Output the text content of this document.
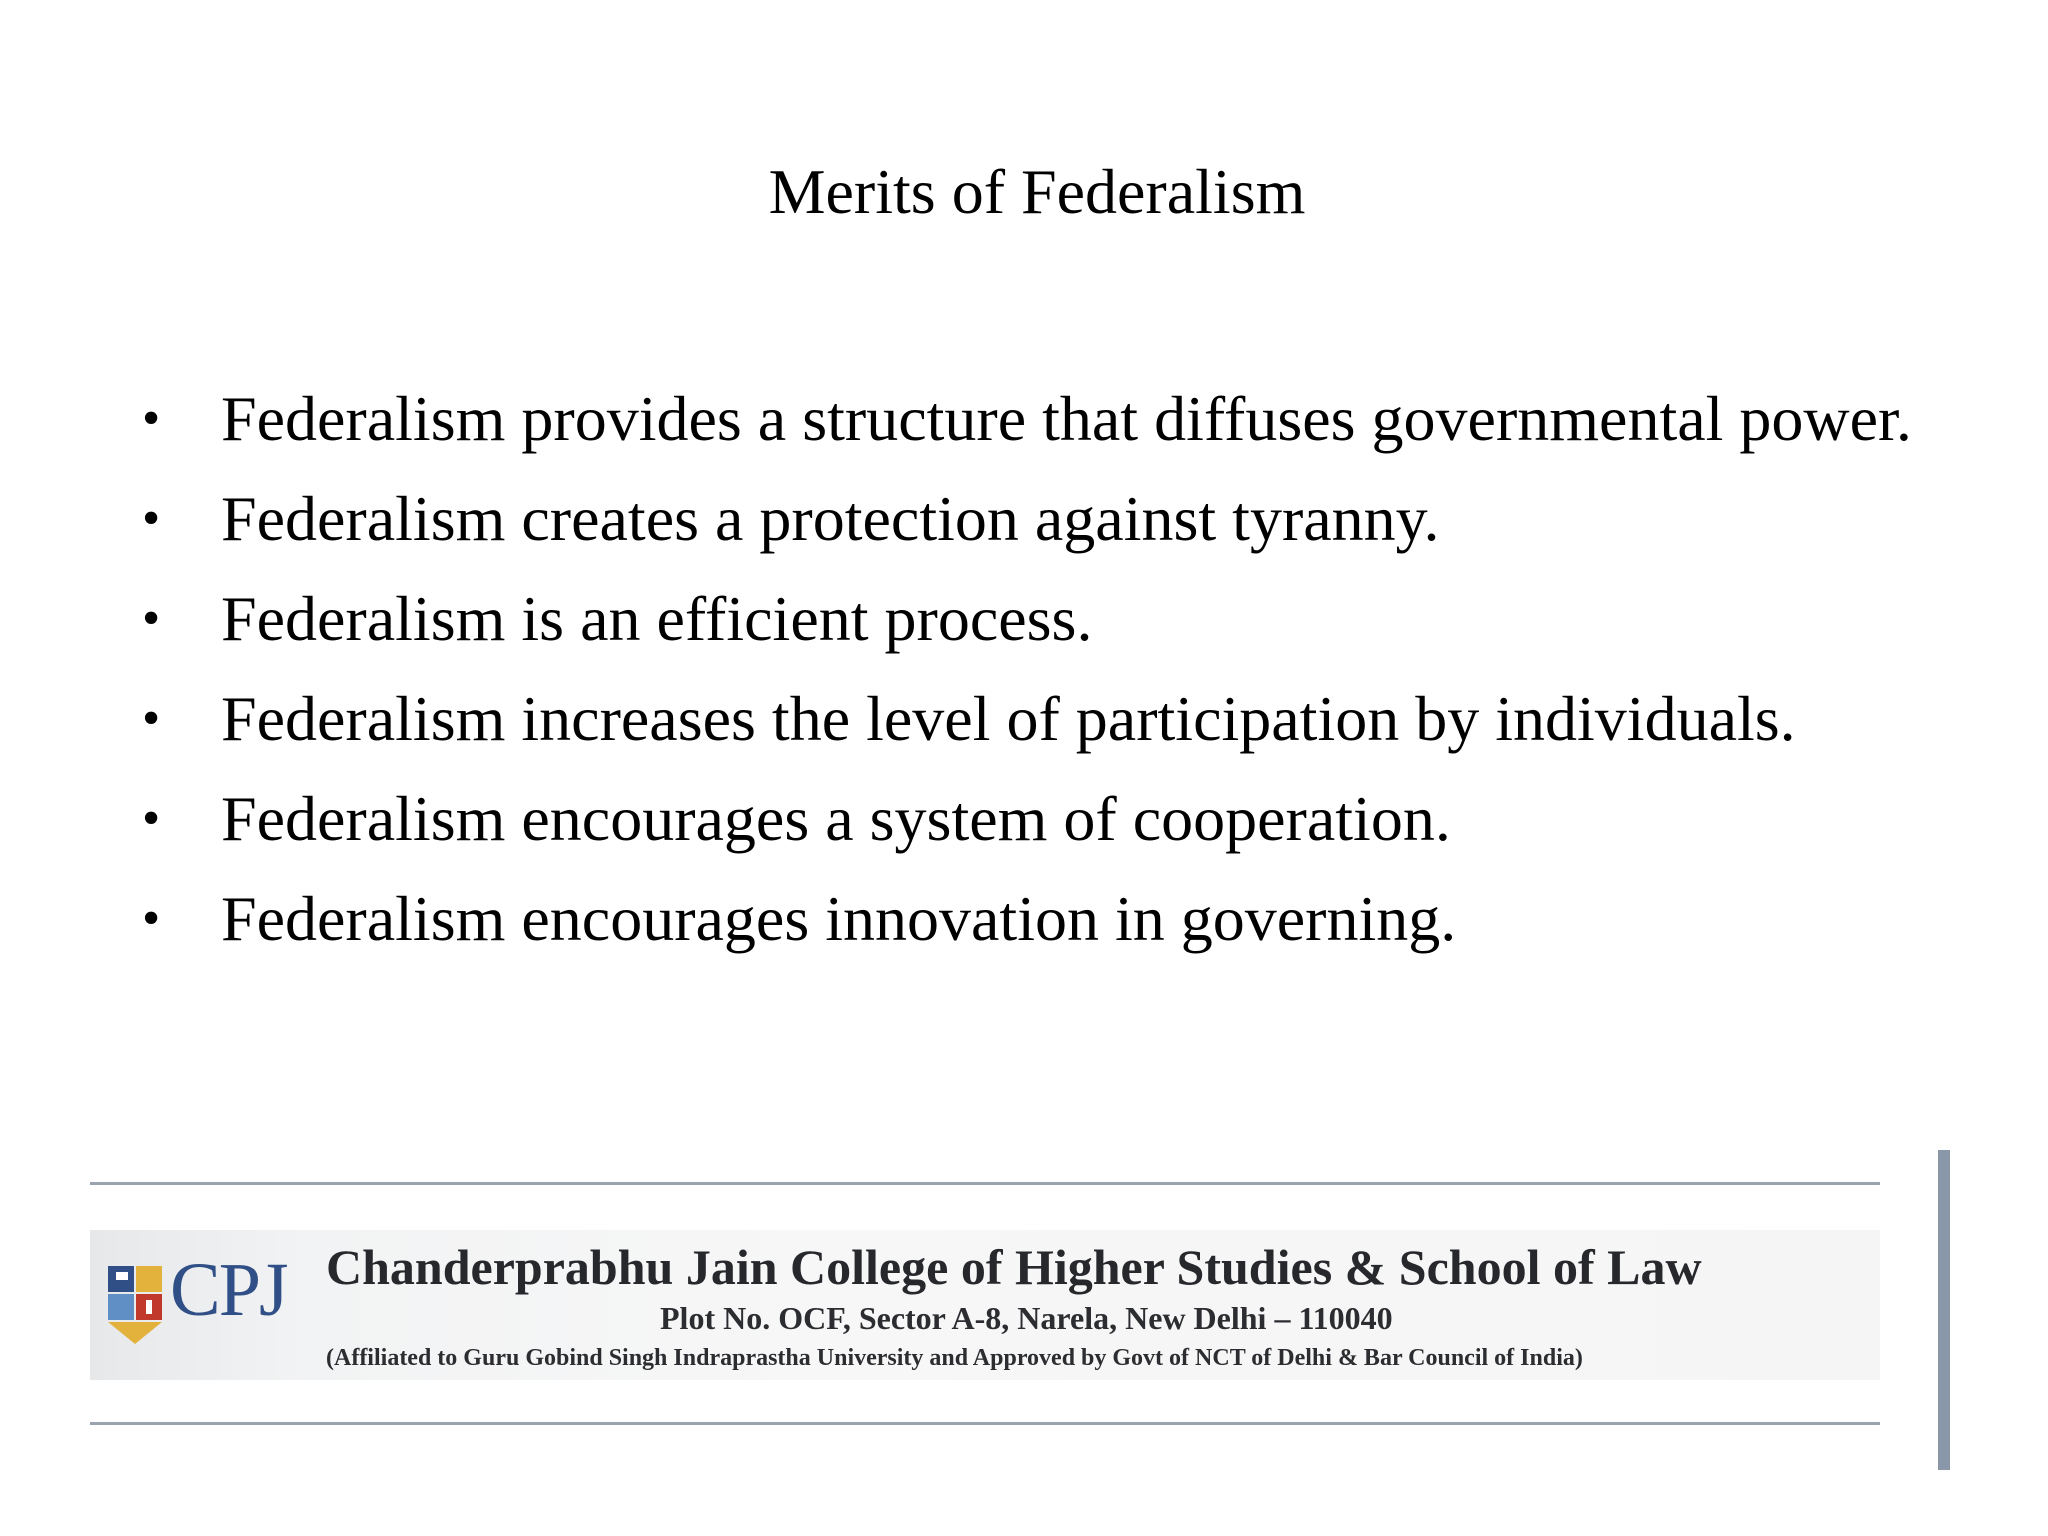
Merits of Federalism
• Federalism provides a structure that diffuses governmental power.
• Federalism creates a protection against tyranny.
• Federalism is an efficient process.
• Federalism increases the level of participation by individuals.
• Federalism encourages a system of cooperation.
• Federalism encourages innovation in governing.
CPJ Chanderprabhu Jain College of Higher Studies & School of Law
Plot No. OCF, Sector A-8, Narela, New Delhi – 110040
(Affiliated to Guru Gobind Singh Indraprastha University and Approved by Govt of NCT of Delhi & Bar Council of India)
